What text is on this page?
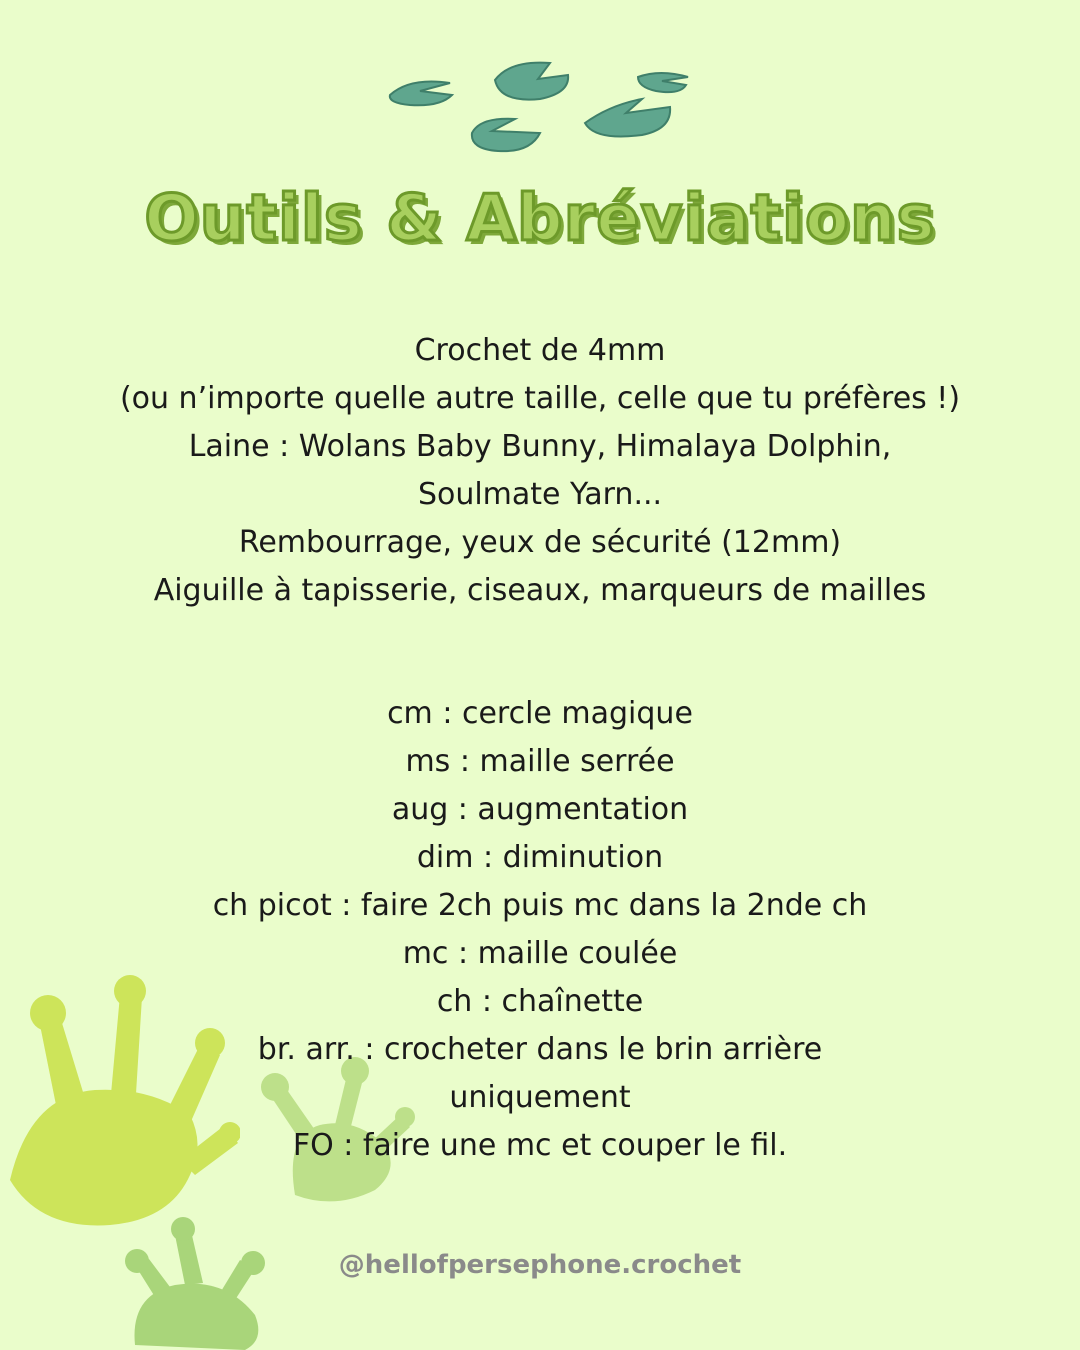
Outils & Abréviations
Crochet de 4mm
(ou n’importe quelle autre taille, celle que tu préfères !)
Laine : Wolans Baby Bunny, Himalaya Dolphin,
Soulmate Yarn...
Rembourrage, yeux de sécurité (12mm)
Aiguille à tapisserie, ciseaux, marqueurs de mailles
cm : cercle magique
ms : maille serrée
aug : augmentation
dim : diminution
ch picot : faire 2ch puis mc dans la 2nde ch
mc : maille coulée
ch : chaînette
br. arr. : crocheter dans le brin arrière
uniquement
FO : faire une mc et couper le fil.
@hellofpersephone.crochet
